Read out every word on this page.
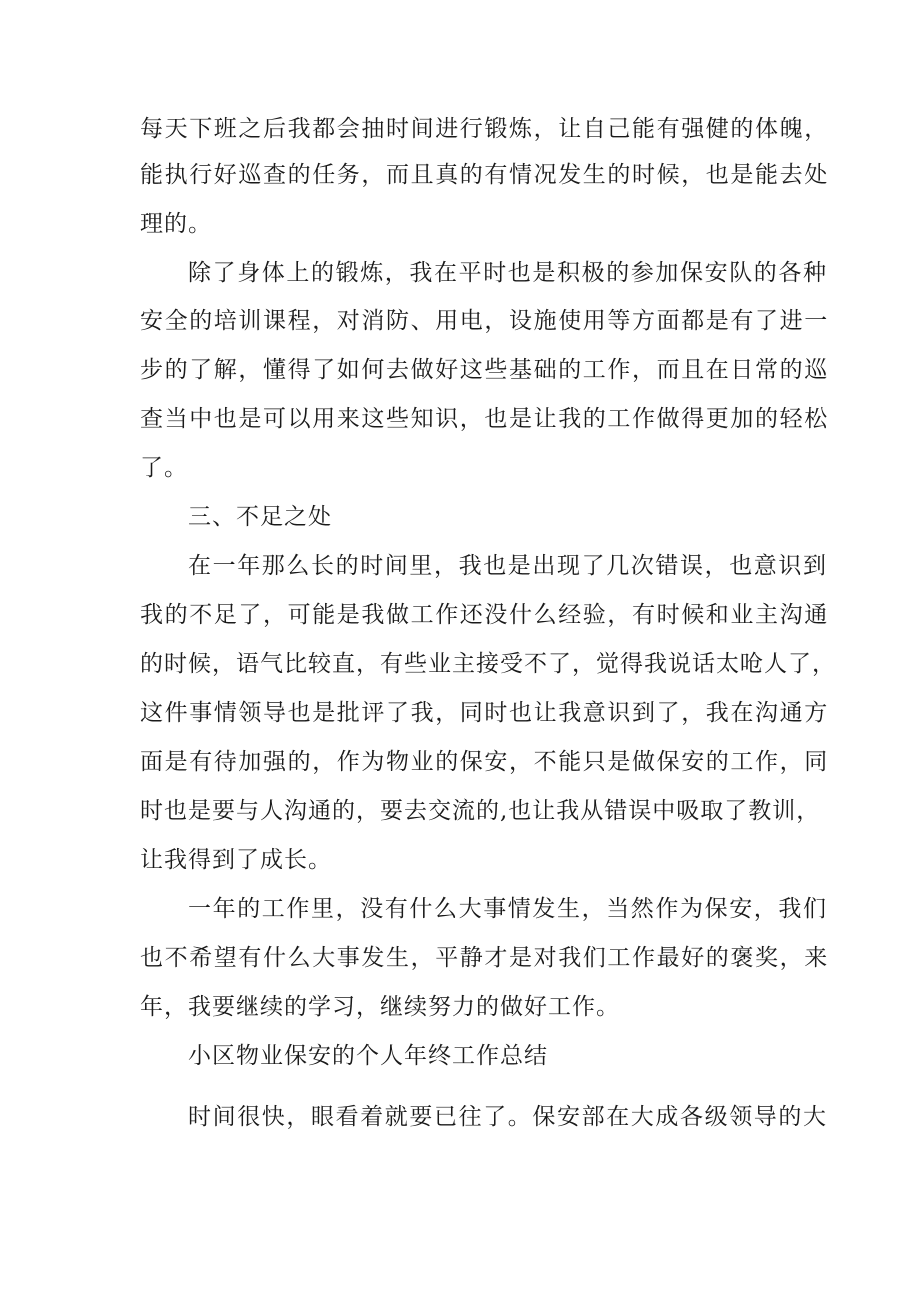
每天下班之后我都会抽时间进行锻炼，让自己能有强健的体魄，
能执行好巡查的任务，而且真的有情况发生的时候，也是能去处
理的。
除了身体上的锻炼，我在平时也是积极的参加保安队的各种
安全的培训课程，对消防、用电，设施使用等方面都是有了进一
步的了解，懂得了如何去做好这些基础的工作，而且在日常的巡
查当中也是可以用来这些知识，也是让我的工作做得更加的轻松
了。
三、不足之处
在一年那么长的时间里，我也是出现了几次错误，也意识到
我的不足了，可能是我做工作还没什么经验，有时候和业主沟通
的时候，语气比较直，有些业主接受不了，觉得我说话太呛人了，
这件事情领导也是批评了我，同时也让我意识到了，我在沟通方
面是有待加强的，作为物业的保安，不能只是做保安的工作，同
时也是要与人沟通的，要去交流的,也让我从错误中吸取了教训，
让我得到了成长。
一年的工作里，没有什么大事情发生，当然作为保安，我们
也不希望有什么大事发生，平静才是对我们工作最好的褒奖，来
年，我要继续的学习，继续努力的做好工作。
小区物业保安的个人年终工作总结
时间很快，眼看着就要已往了。保安部在大成各级领导的大
